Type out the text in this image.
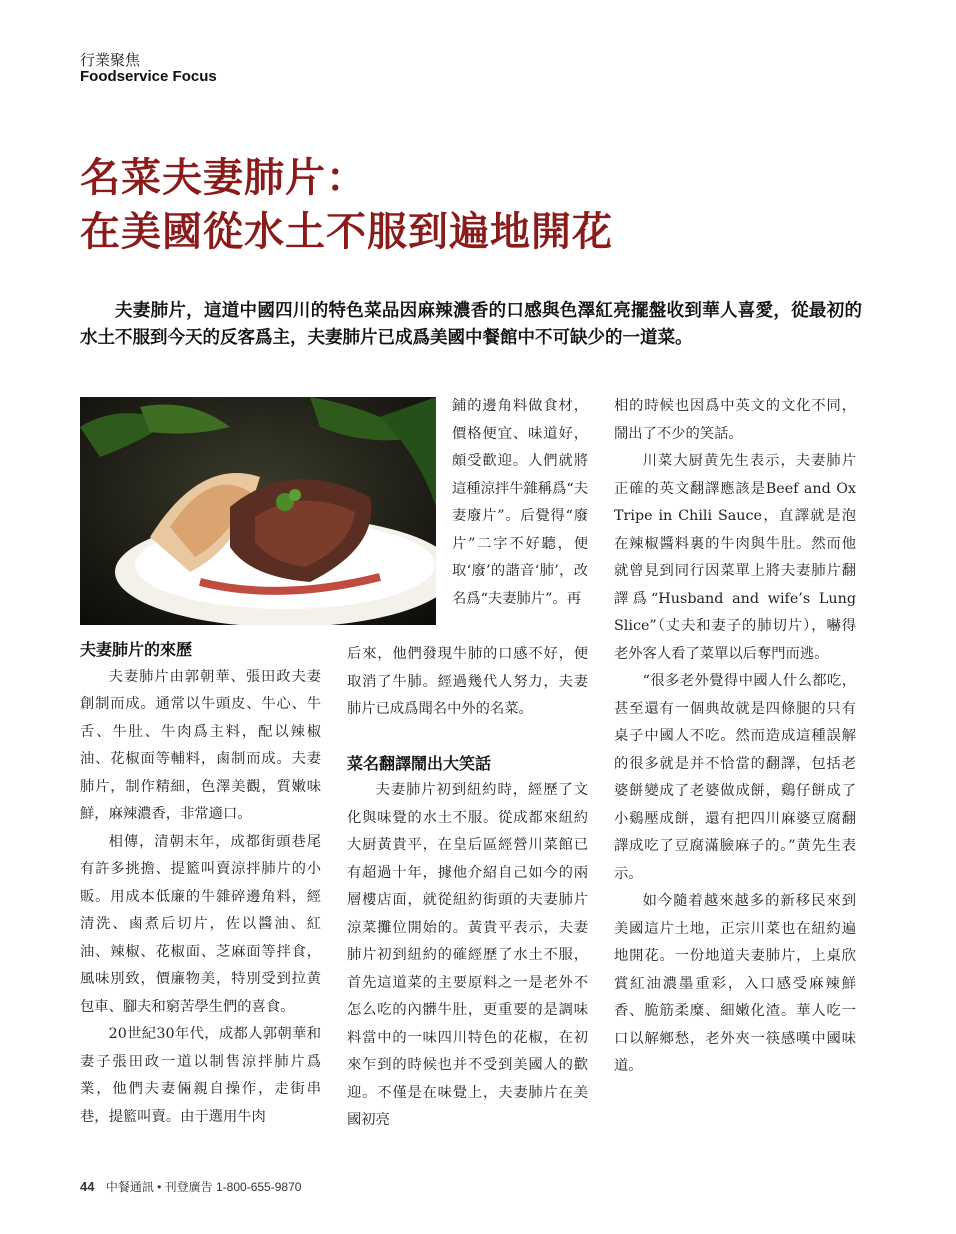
行業聚焦
Foodservice Focus
名菜夫妻肺片：
在美國從水土不服到遍地開花
夫妻肺片，這道中國四川的特色菜品因麻辣濃香的口感與色澤紅亮擺盤收到華人喜愛，從最初的水土不服到今天的反客爲主，夫妻肺片已成爲美國中餐館中不可缺少的一道菜。
夫妻肺片的來歷

夫妻肺片由郭朝華、張田政夫妻創制而成。通常以牛頭皮、牛心、牛舌、牛肚、牛肉爲主料，配以辣椒油、花椒面等輔料，鹵制而成。夫妻肺片，制作精細，色澤美觀，質嫩味鮮，麻辣濃香，非常適口。

相傳，清朝末年，成都街頭巷尾有許多挑擔、提籃叫賣涼拌肺片的小販。用成本低廉的牛雜碎邊角料，經清洗、鹵煮后切片，佐以醬油、紅油、辣椒、花椒面、芝麻面等拌食，風味別致，價廉物美，特別受到拉黄包車、腳夫和窮苦學生們的喜食。

20世紀30年代，成都人郭朝華和妻子張田政一道以制售涼拌肺片爲業，他們夫妻倆親自操作，走街串巷，提籃叫賣。由于選用牛肉

鋪的邊角料做食材，價格便宜、味道好，頗受歡迎。人們就將這種涼拌牛雜稱爲“夫妻廢片”。后覺得“廢片”二字不好聽，便取‘廢’的諧音‘肺’，改名爲“夫妻肺片”。再

后來，他們發現牛肺的口感不好，便取消了牛肺。經過幾代人努力，夫妻肺片已成爲聞名中外的名菜。

菜名翻譯鬧出大笑話

夫妻肺片初到紐約時，經歷了文化與味覺的水土不服。從成都來紐約大厨黃貴平，在皇后區經營川菜館已有超過十年，據他介紹自己如今的兩層樓店面，就從紐約街頭的夫妻肺片涼菜攤位開始的。黃貴平表示，夫妻肺片初到紐約的確經歷了水土不服，首先這道菜的主要原料之一是老外不怎么吃的內髒牛肚，更重要的是調味料當中的一味四川特色的花椒，在初來乍到的時候也并不受到美國人的歡迎。不僅是在味覺上，夫妻肺片在美國初亮

相的時候也因爲中英文的文化不同，鬧出了不少的笑話。

川菜大厨黄先生表示，夫妻肺片正確的英文翻譯應該是Beef and Ox Tripe in Chili Sauce，直譯就是泡在辣椒醬料裏的牛肉與牛肚。然而他就曾見到同行因菜單上將夫妻肺片翻譯爲“Husband and wife’s Lung Slice”（丈夫和妻子的肺切片），嚇得老外客人看了菜單以后奪門而逃。

“很多老外覺得中國人什么都吃，甚至還有一個典故就是四條腿的只有桌子中國人不吃。然而造成這種誤解的很多就是并不恰當的翻譯，包括老婆餅變成了老婆做成餅，鷄仔餅成了小鷄壓成餅，還有把四川麻婆豆腐翻譯成吃了豆腐滿臉麻子的。”黄先生表示。

如今隨着越來越多的新移民來到美國這片土地，正宗川菜也在紐約遍地開花。一份地道夫妻肺片，上桌欣賞紅油濃墨重彩，入口感受麻辣鮮香、脆筋柔糜、細嫩化渣。華人吃一口以解鄉愁，老外夾一筷感嘆中國味道。

44 中餐通訊 • 刊登廣告 1-800-655-9870
